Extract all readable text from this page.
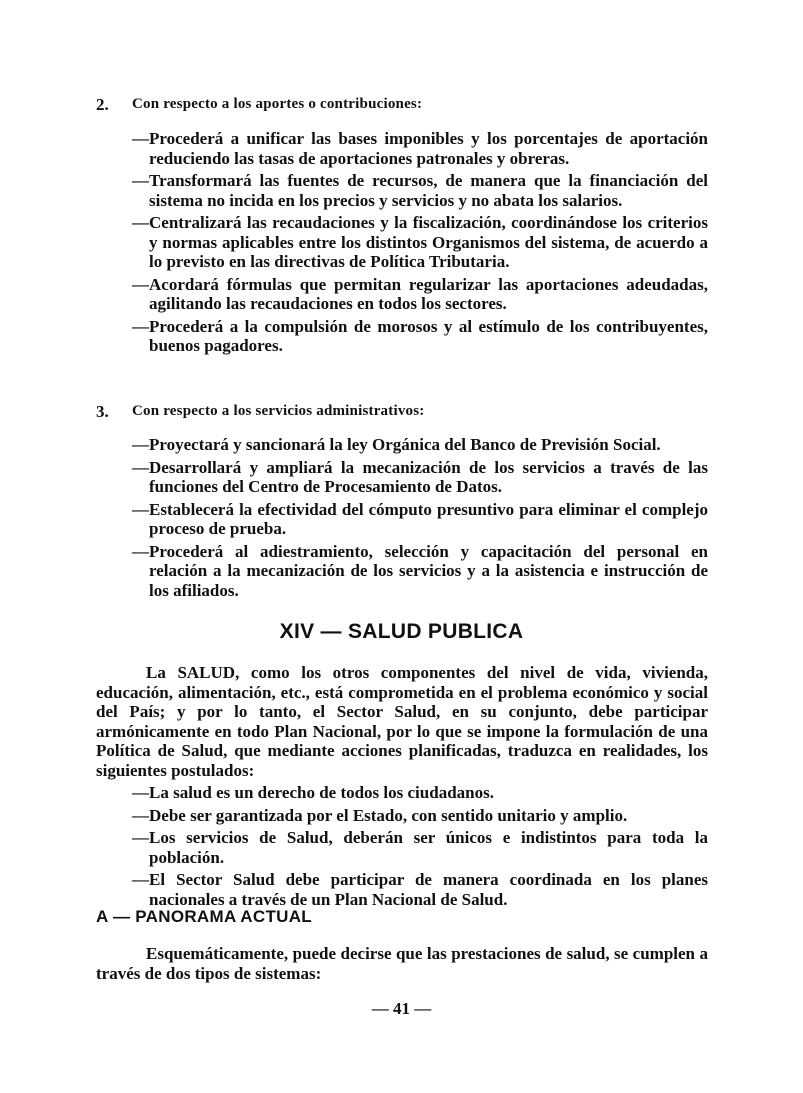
2. Con respecto a los aportes o contribuciones:
—Procederá a unificar las bases imponibles y los porcentajes de aportación reduciendo las tasas de aportaciones patronales y obreras.
—Transformará las fuentes de recursos, de manera que la financiación del sistema no incida en los precios y servicios y no abata los salarios.
—Centralizará las recaudaciones y la fiscalización, coordinándose los criterios y normas aplicables entre los distintos Organismos del sistema, de acuerdo a lo previsto en las directivas de Política Tributaria.
—Acordará fórmulas que permitan regularizar las aportaciones adeudadas, agilitando las recaudaciones en todos los sectores.
—Procederá a la compulsión de morosos y al estímulo de los contribuyentes, buenos pagadores.
3. Con respecto a los servicios administrativos:
—Proyectará y sancionará la ley Orgánica del Banco de Previsión Social.
—Desarrollará y ampliará la mecanización de los servicios a través de las funciones del Centro de Procesamiento de Datos.
—Establecerá la efectividad del cómputo presuntivo para eliminar el complejo proceso de prueba.
—Procederá al adiestramiento, selección y capacitación del personal en relación a la mecanización de los servicios y a la asistencia e instrucción de los afiliados.
XIV — SALUD PUBLICA
La SALUD, como los otros componentes del nivel de vida, vivienda, educación, alimentación, etc., está comprometida en el problema económico y social del País; y por lo tanto, el Sector Salud, en su conjunto, debe participar armónicamente en todo Plan Nacional, por lo que se impone la formulación de una Política de Salud, que mediante acciones planificadas, traduzca en realidades, los siguientes postulados:
—La salud es un derecho de todos los ciudadanos.
—Debe ser garantizada por el Estado, con sentido unitario y amplio.
—Los servicios de Salud, deberán ser únicos e indistintos para toda la población.
—El Sector Salud debe participar de manera coordinada en los planes nacionales a través de un Plan Nacional de Salud.
A — PANORAMA ACTUAL
Esquemáticamente, puede decirse que las prestaciones de salud, se cumplen a través de dos tipos de sistemas:
— 41 —
